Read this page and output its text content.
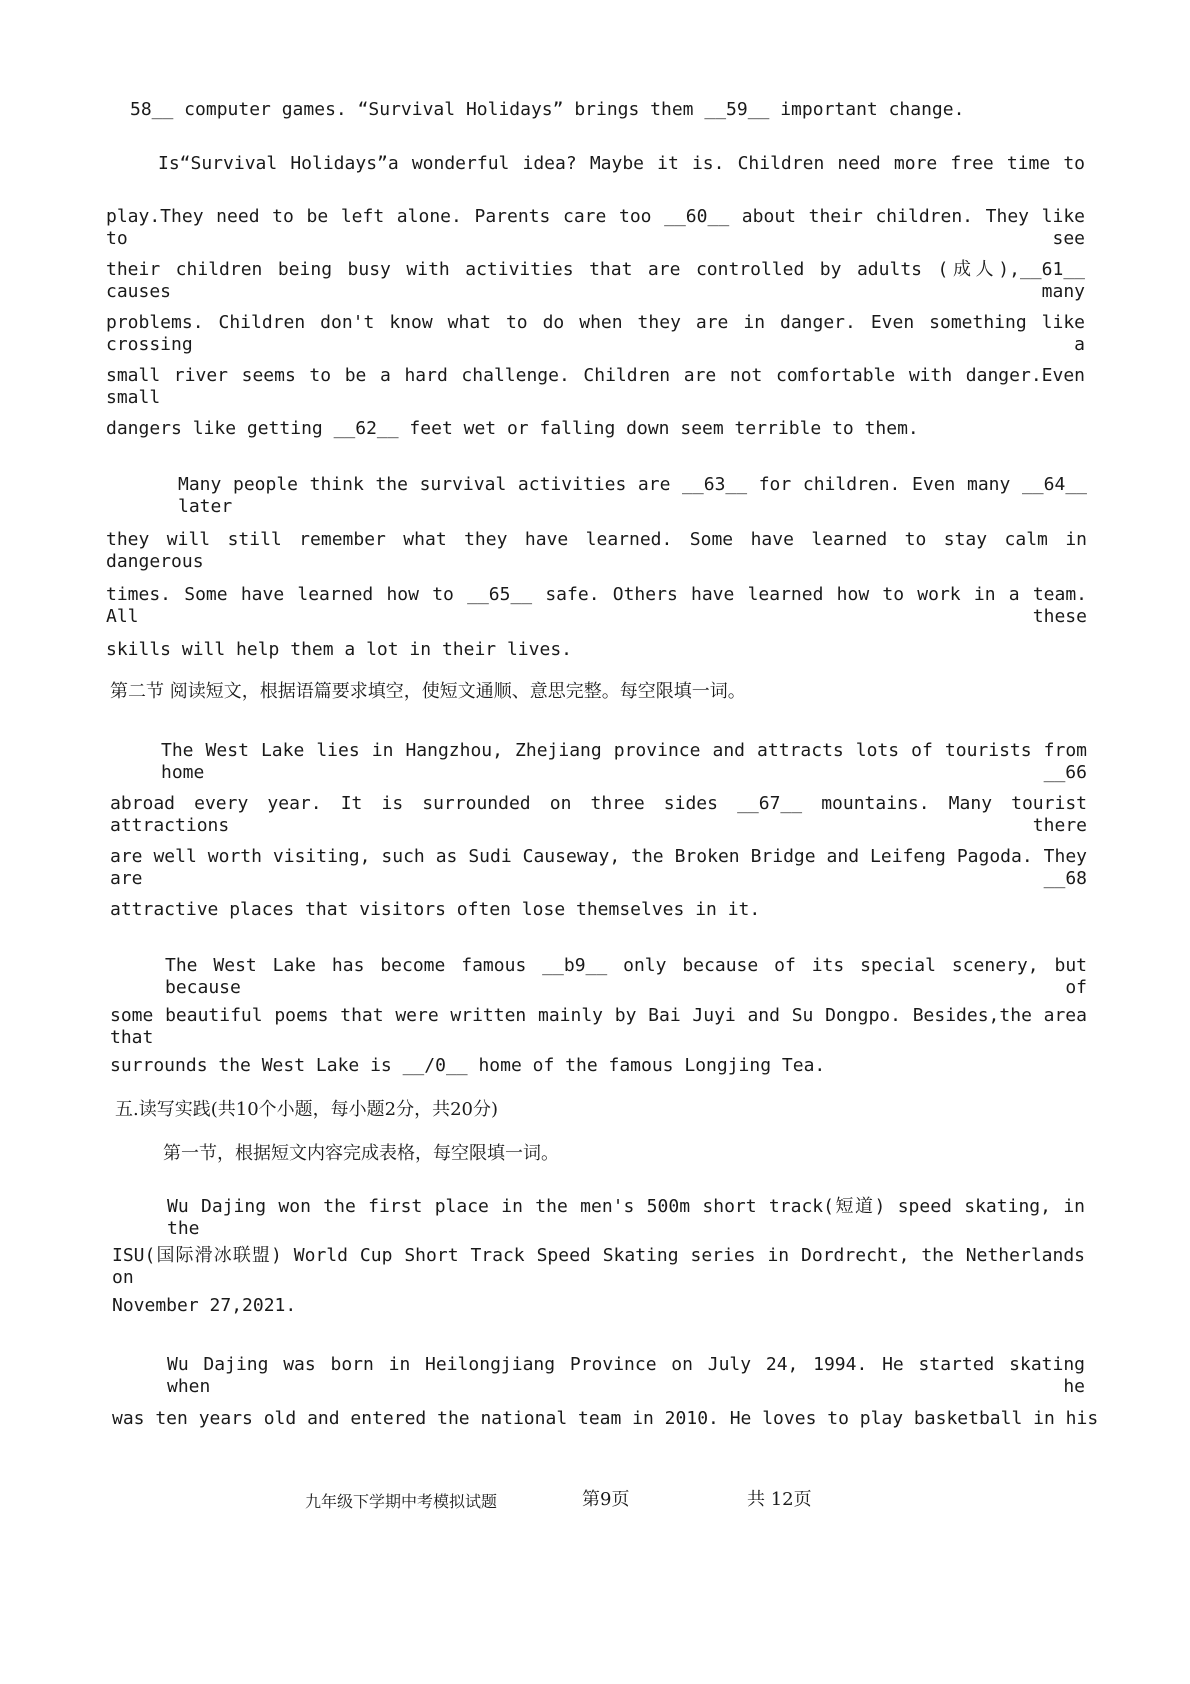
58__ computer games. “Survival Holidays” brings them __59__ important change.
Is“Survival Holidays”a wonderful idea? Maybe it is. Children need more free time to
play.They need to be left alone. Parents care too __60__ about their children. They like to see
their children being busy with activities that are controlled by adults (成人),__61__ causes many
problems. Children don't know what to do when they are in danger. Even something like crossing a
small river seems to be a hard challenge. Children are not comfortable with danger.Even small
dangers like getting __62__ feet wet or falling down seem terrible to them.
Many people think the survival activities are __63__ for children. Even many __64__ later
they will still remember what they have learned. Some have learned to stay calm in dangerous
times. Some have learned how to __65__ safe. Others have learned how to work in a team. All these
skills will help them a lot in their lives.
第二节 阅读短文，根据语篇要求填空，使短文通顺、意思完整。每空限填一词。
The West Lake lies in Hangzhou, Zhejiang province and attracts lots of tourists from home __66
abroad every year. It is surrounded on three sides __67__ mountains. Many tourist attractions there
are well worth visiting, such as Sudi Causeway, the Broken Bridge and Leifeng Pagoda. They are __68
attractive places that visitors often lose themselves in it.
The West Lake has become famous __b9__ only because of its special scenery, but because of
some beautiful poems that were written mainly by Bai Juyi and Su Dongpo. Besides,the area that
surrounds the West Lake is __/0__ home of the famous Longjing Tea.
五.读写实践(共10个小题，每小题2分，共20分)
第一节，根据短文内容完成表格，每空限填一词。
Wu Dajing won the first place in the men's 500m short track(短道) speed skating, in the
ISU(国际滑冰联盟) World Cup Short Track Speed Skating series in Dordrecht, the Netherlands on
November 27,2021.
Wu Dajing was born in Heilongjiang Province on July 24, 1994. He started skating when he
was ten years old and entered the national team in 2010. He loves to play basketball in his
九年级下学期中考模拟试题	第9页	共 12页
